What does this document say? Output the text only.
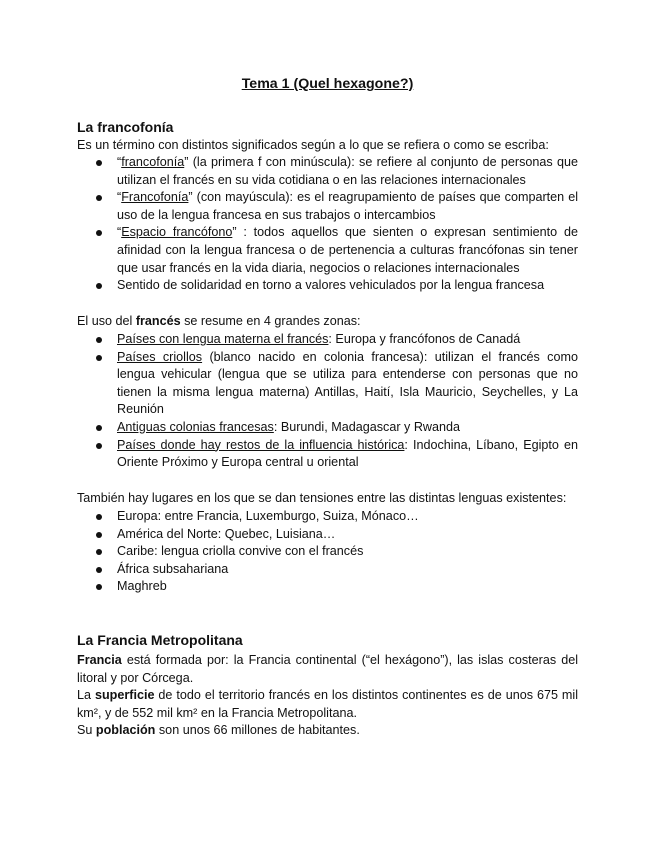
Tema 1 (Quel hexagone?)
La francofonía
Es un término con distintos significados según a lo que se refiera o como se escriba:
“francofonía” (la primera f con minúscula): se refiere al conjunto de personas que utilizan el francés en su vida cotidiana o en las relaciones internacionales
“Francofonía” (con mayúscula): es el reagrupamiento de países que comparten el uso de la lengua francesa en sus trabajos o intercambios
“Espacio francófono” : todos aquellos que sienten o expresan sentimiento de afinidad con la lengua francesa o de pertenencia a culturas francófonas sin tener que usar francés en la vida diaria, negocios o relaciones internacionales
Sentido de solidaridad en torno a valores vehiculados por la lengua francesa
El uso del francés se resume en 4 grandes zonas:
Países con lengua materna el francés: Europa y francófonos de Canadá
Países criollos (blanco nacido en colonia francesa): utilizan el francés como lengua vehicular (lengua que se utiliza para entenderse con personas que no tienen la misma lengua materna) Antillas, Haití, Isla Mauricio, Seychelles, y La Reunión
Antiguas colonias francesas: Burundi, Madagascar y Rwanda
Países donde hay restos de la influencia histórica: Indochina, Líbano, Egipto en Oriente Próximo y Europa central u oriental
También hay lugares en los que se dan tensiones entre las distintas lenguas existentes:
Europa: entre Francia, Luxemburgo, Suiza, Mónaco…
América del Norte: Quebec, Luisiana…
Caribe: lengua criolla convive con el francés
África subsahariana
Maghreb
La Francia Metropolitana
Francia está formada por: la Francia continental (“el hexágono”), las islas costeras del litoral y por Córcega.
La superficie de todo el territorio francés en los distintos continentes es de unos 675 mil km², y de 552 mil km² en la Francia Metropolitana.
Su población son unos 66 millones de habitantes.
